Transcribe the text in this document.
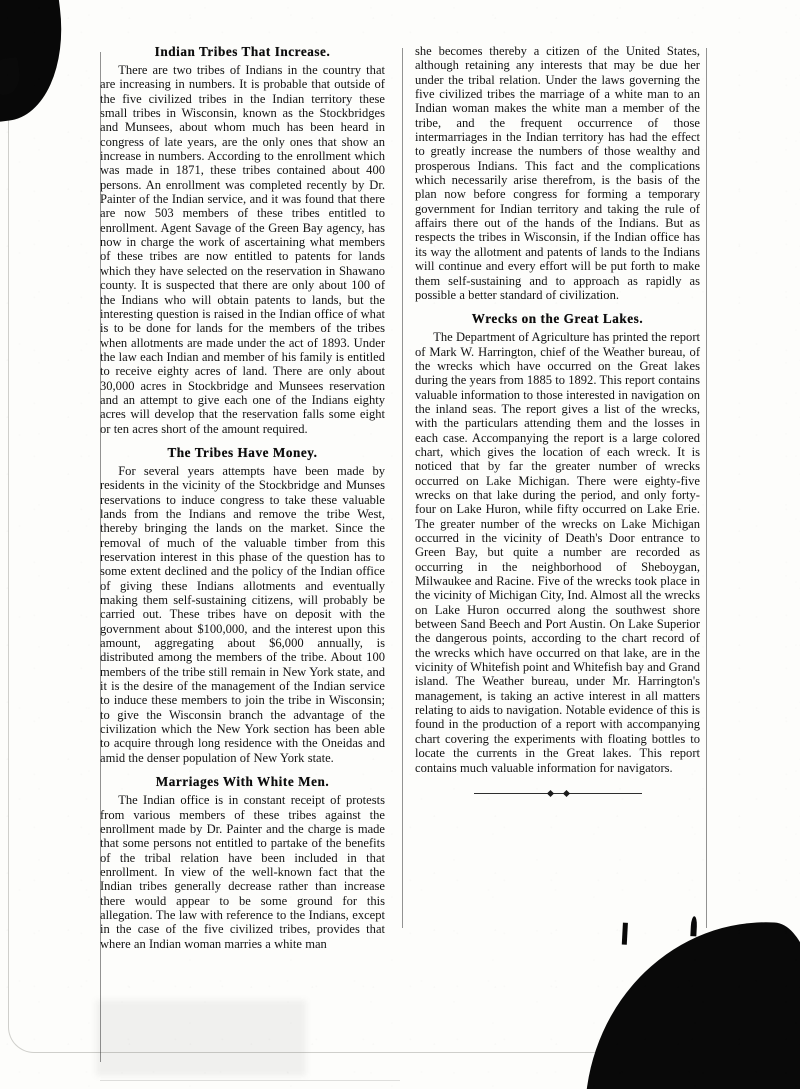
Indian Tribes That Increase.

There are two tribes of Indians in the country that are increasing in numbers. It is probable that outside of the five civilized tribes in the Indian territory these small tribes in Wisconsin, known as the Stockbridges and Munsees, about whom much has been heard in congress of late years, are the only ones that show an increase in numbers. According to the enrollment which was made in 1871, these tribes contained about 400 persons. An enrollment was completed recently by Dr. Painter of the Indian service, and it was found that there are now 503 members of these tribes entitled to enrollment. Agent Savage of the Green Bay agency, has now in charge the work of ascertaining what members of these tribes are now entitled to patents for lands which they have selected on the reservation in Shawano county. It is suspected that there are only about 100 of the Indians who will obtain patents to lands, but the interesting question is raised in the Indian office of what is to be done for lands for the members of the tribes when allotments are made under the act of 1893. Under the law each Indian and member of his family is entitled to receive eighty acres of land. There are only about 30,000 acres in Stockbridge and Munsees reservation and an attempt to give each one of the Indians eighty acres will develop that the reservation falls some eight or ten acres short of the amount required.

The Tribes Have Money.

For several years attempts have been made by residents in the vicinity of the Stockbridge and Munses reservations to induce congress to take these valuable lands from the Indians and remove the tribe West, thereby bringing the lands on the market. Since the removal of much of the valuable timber from this reservation interest in this phase of the question has to some extent declined and the policy of the Indian office of giving these Indians allotments and eventually making them self-sustaining citizens, will probably be carried out. These tribes have on deposit with the government about $100,000, and the interest upon this amount, aggregating about $6,000 annually, is distributed among the members of the tribe. About 100 members of the tribe still remain in New York state, and it is the desire of the management of the Indian service to induce these members to join the tribe in Wisconsin; to give the Wisconsin branch the advantage of the civilization which the New York section has been able to acquire through long residence with the Oneidas and amid the denser population of New York state.

Marriages With White Men.

The Indian office is in constant receipt of protests from various members of these tribes against the enrollment made by Dr. Painter and the charge is made that some persons not entitled to partake of the benefits of the tribal relation have been included in that enrollment. In view of the well-known fact that the Indian tribes generally decrease rather than increase there would appear to be some ground for this allegation. The law with reference to the Indians, except in the case of the five civilized tribes, provides that where an Indian woman marries a white man

she becomes thereby a citizen of the United States, although retaining any interests that may be due her under the tribal relation. Under the laws governing the five civilized tribes the marriage of a white man to an Indian woman makes the white man a member of the tribe, and the frequent occurrence of those intermarriages in the Indian territory has had the effect to greatly increase the numbers of those wealthy and prosperous Indians. This fact and the complications which necessarily arise therefrom, is the basis of the plan now before congress for forming a temporary government for Indian territory and taking the rule of affairs there out of the hands of the Indians. But as respects the tribes in Wisconsin, if the Indian office has its way the allotment and patents of lands to the Indians will continue and every effort will be put forth to make them self-sustaining and to approach as rapidly as possible a better standard of civilization.

Wrecks on the Great Lakes.

The Department of Agriculture has printed the report of Mark W. Harrington, chief of the Weather bureau, of the wrecks which have occurred on the Great lakes during the years from 1885 to 1892. This report contains valuable information to those interested in navigation on the inland seas. The report gives a list of the wrecks, with the particulars attending them and the losses in each case. Accompanying the report is a large colored chart, which gives the location of each wreck. It is noticed that by far the greater number of wrecks occurred on Lake Michigan. There were eighty-five wrecks on that lake during the period, and only forty-four on Lake Huron, while fifty occurred on Lake Erie. The greater number of the wrecks on Lake Michigan occurred in the vicinity of Death's Door entrance to Green Bay, but quite a number are recorded as occurring in the neighborhood of Sheboygan, Milwaukee and Racine. Five of the wrecks took place in the vicinity of Michigan City, Ind. Almost all the wrecks on Lake Huron occurred along the southwest shore between Sand Beech and Port Austin. On Lake Superior the dangerous points, according to the chart record of the wrecks which have occurred on that lake, are in the vicinity of Whitefish point and Whitefish bay and Grand island. The Weather bureau, under Mr. Harrington's management, is taking an active interest in all matters relating to aids to navigation. Notable evidence of this is found in the production of a report with accompanying chart covering the experiments with floating bottles to locate the currents in the Great lakes. This report contains much valuable information for navigators.
